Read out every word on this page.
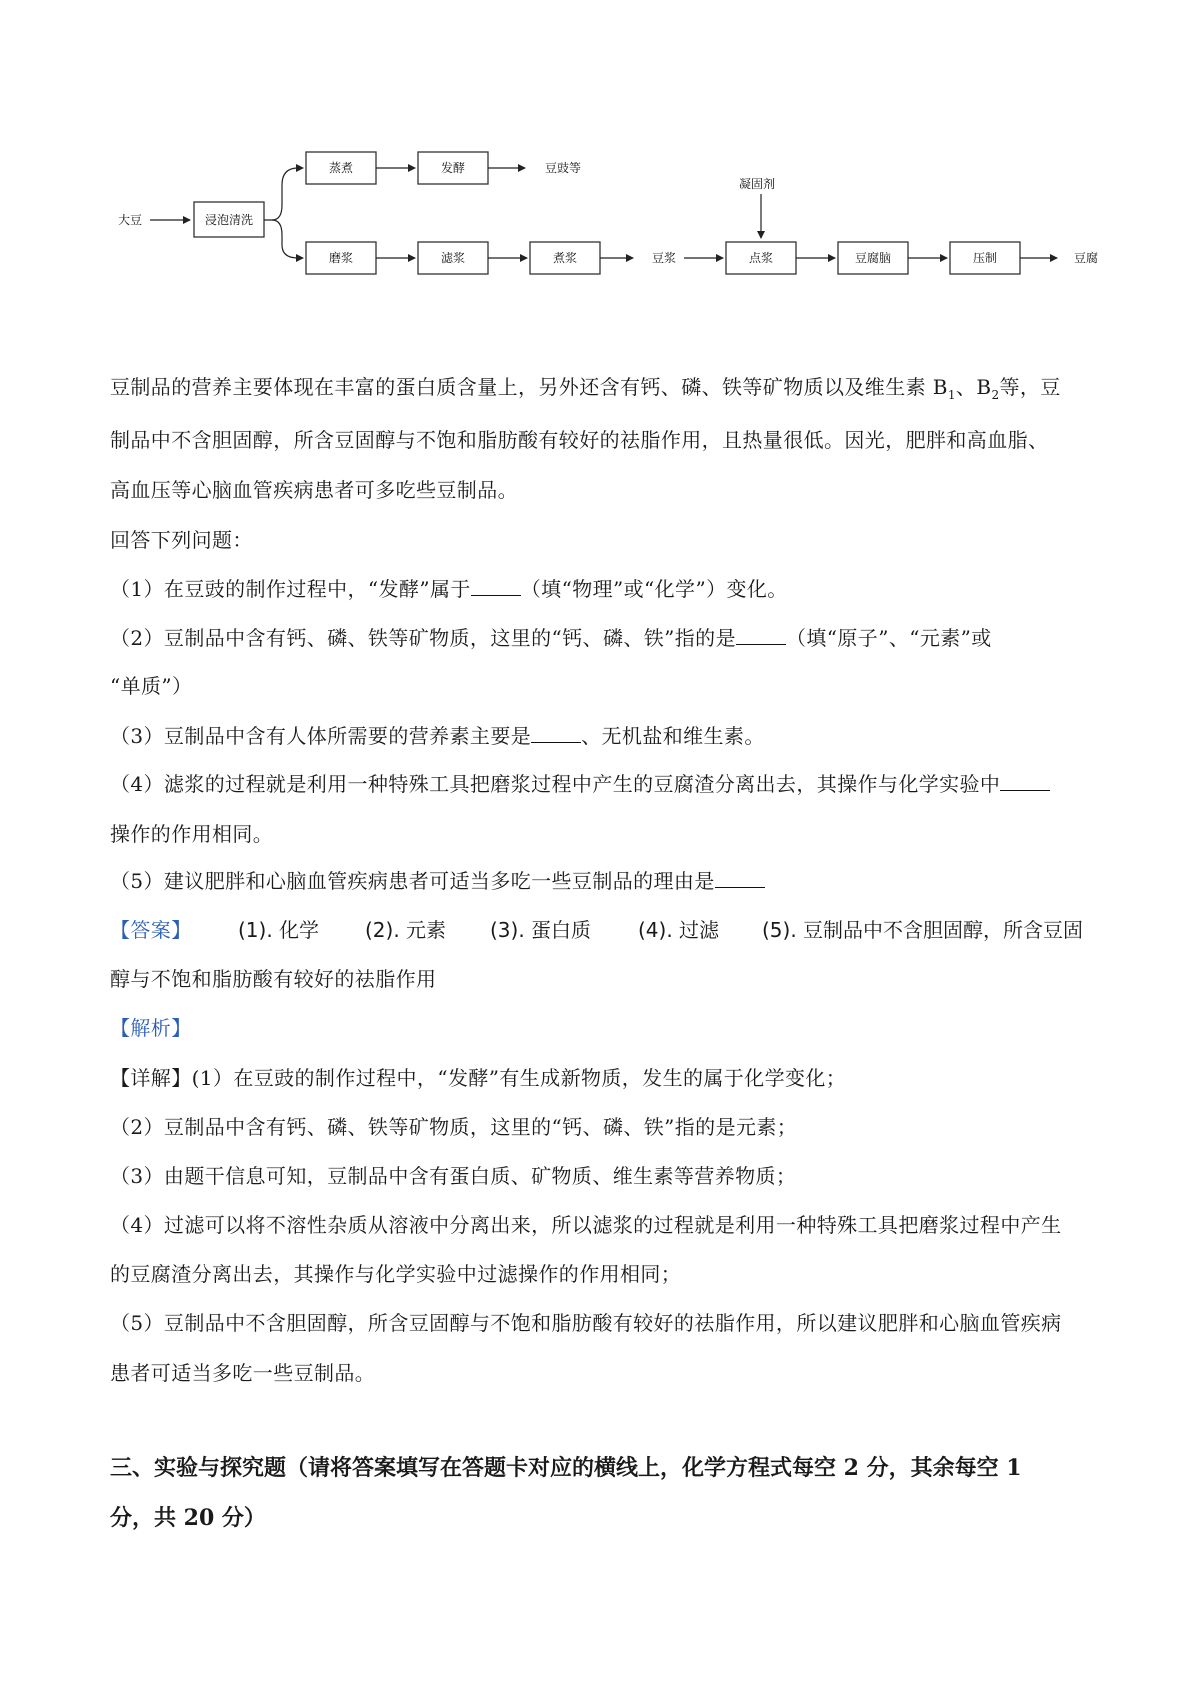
大豆	浸泡清洗
蒸煮	发酵	豆豉等
磨浆	滤浆	煮浆	豆浆
凝固剂
点浆	豆腐脑	压制	豆腐
豆制品的营养主要体现在丰富的蛋白质含量上，另外还含有钙、磷、铁等矿物质以及维生素 $B_1$、$B_2$等，豆
制品中不含胆固醇，所含豆固醇与不饱和脂肪酸有较好的祛脂作用，且热量很低。因光，肥胖和高血脂、
高血压等心脑血管疾病患者可多吃些豆制品。
回答下列问题：
（1）在豆豉的制作过程中，“发酵”属于	（填“物理”或“化学”）变化。
（2）豆制品中含有钙、磷、铁等矿物质，这里的“钙、磷、铁”指的是	（填“原子”、“元素”或
“单质”）
（3）豆制品中含有人体所需要的营养素主要是	、无机盐和维生素。
（4）滤浆的过程就是利用一种特殊工具把磨浆过程中产生的豆腐渣分离出去，其操作与化学实验中
操作的作用相同。
（5）建议肥胖和心脑血管疾病患者可适当多吃一些豆制品的理由是
【答案】 (1). 化学 (2). 元素 (3). 蛋白质 (4). 过滤 (5). 豆制品中不含胆固醇，所含豆固
醇与不饱和脂肪酸有较好的祛脂作用
【解析】
【详解】(1）在豆豉的制作过程中，“发酵”有生成新物质，发生的属于化学变化；
（2）豆制品中含有钙、磷、铁等矿物质，这里的“钙、磷、铁”指的是元素；
（3）由题干信息可知，豆制品中含有蛋白质、矿物质、维生素等营养物质；
（4）过滤可以将不溶性杂质从溶液中分离出来，所以滤浆的过程就是利用一种特殊工具把磨浆过程中产生
的豆腐渣分离出去，其操作与化学实验中过滤操作的作用相同；
（5）豆制品中不含胆固醇，所含豆固醇与不饱和脂肪酸有较好的祛脂作用，所以建议肥胖和心脑血管疾病
患者可适当多吃一些豆制品。
三、实验与探究题（请将答案填写在答题卡对应的横线上，化学方程式每空 2 分，其余每空 1
分，共 20 分）
